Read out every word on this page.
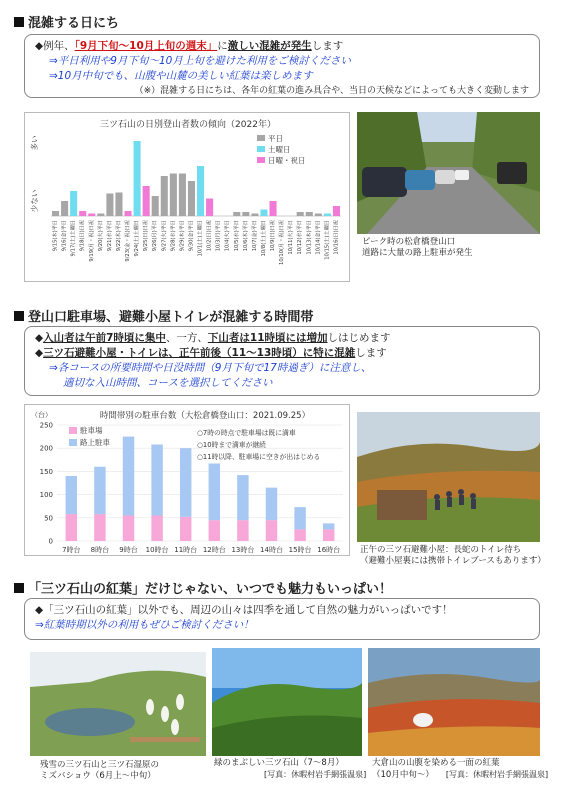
混雑する日にち
◆例年、「9月下旬～10月上旬の週末」に激しい混雑が発生します
⇒平日利用や9月下旬～10月上旬を避けた利用をご検討ください
⇒10月中旬でも、山腹や山麓の美しい紅葉は楽しめます
（※）混雑する日にちは、各年の紅葉の進み具合や、当日の天候などによっても大きく変動します
三ツ石山の日別登山者数の傾向（2022年）
多い
少ない
9/15(木)平日 9/16(金)平日 9/17(土)土曜日 9/18(日)日祝 9/19(月・祝)日祝 9/20(火)平日 9/21(水)平日 9/22(木)平日 9/23(金・祝)日祝 9/24(土)土曜日 9/25(日)日祝 9/26(月)平日 9/27(火)平日 9/28(水)平日 9/29(木)平日 9/30(金)平日 10/1(土)土曜日 10/2(日)日祝 10/3(月)平日 10/4(火)平日 10/5(水)平日 10/6(木)平日 10/7(金)平日 10/8(土)土曜日 10/9(日)日祝 10/10(月・祝)日祝 10/11(火)平日 10/12(水)平日 10/13(木)平日 10/14(金)平日 10/15(土)土曜日 10/16(日)日祝
平日
土曜日
日曜・祝日
ピーク時の松倉橋登山口
道路に大量の路上駐車が発生
登山口駐車場、避難小屋トイレが混雑する時間帯
◆入山者は午前7時頃に集中、一方、下山者は11時頃には増加しはじめます
◆三ツ石避難小屋・トイレは、正午前後（11～13時頃）に特に混雑します
⇒各コースの所要時間や日没時間（9月下旬で17時過ぎ）に注意し、
適切な入山時間、コースを選択してください
（台）	時間帯別の駐車台数（大松倉橋登山口：2021.09.25）
0
50
100
150
200
250
7時台 8時台 9時台 10時台 11時台 12時台 13時台 14時台 15時台 16時台
駐車場
路上駐車
○7時の時点で駐車場は既に満車
○10時まで満車が継続
○11時以降、駐車場に空きが出はじめる
正午の三ツ石避難小屋：長蛇のトイレ待ち
（避難小屋裏には携帯トイレブースもあります）
「三ツ石山の紅葉」だけじゃない、いつでも魅力もいっぱい！
◆「三ツ石山の紅葉」以外でも、周辺の山々は四季を通して自然の魅力がいっぱいです！
⇒紅葉時期以外の利用もぜひご検討ください！
残雪の三ツ石山と三ツ石湿原の
ミズバショウ（6月上～中旬）
緑のまぶしい三ツ石山（7～8月）
[写真：休暇村岩手網張温泉]
大倉山の山腹を染める一面の紅葉
（10月中旬～） [写真：休暇村岩手網張温泉]
